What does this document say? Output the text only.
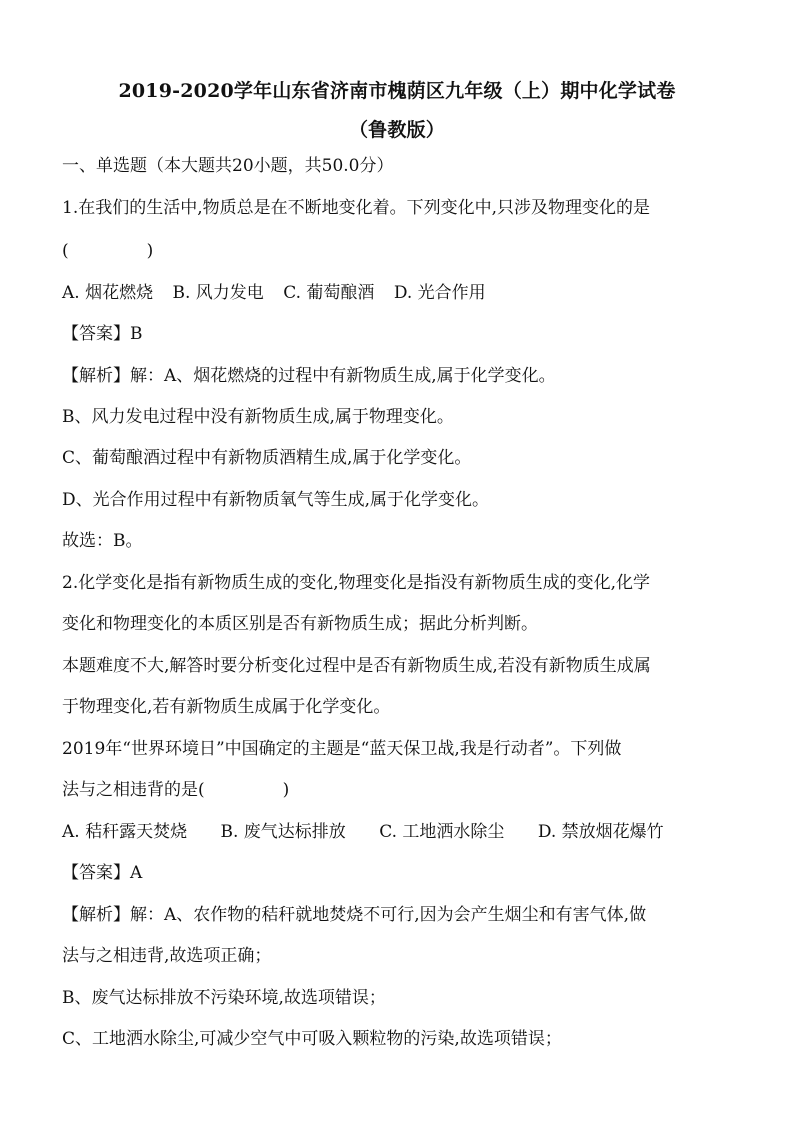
2019-2020学年山东省济南市槐荫区九年级（上）期中化学试卷
（鲁教版）
一、单选题（本大题共20小题，共50.0分）
1.在我们的生活中,物质总是在不断地变化着。下列变化中,只涉及物理变化的是
(	)
A. 烟花燃烧 B. 风力发电 C. 葡萄酿酒 D. 光合作用
【答案】B
【解析】解：A、烟花燃烧的过程中有新物质生成,属于化学变化。
B、风力发电过程中没有新物质生成,属于物理变化。
C、葡萄酿酒过程中有新物质酒精生成,属于化学变化。
D、光合作用过程中有新物质氧气等生成,属于化学变化。
故选：B。
2.化学变化是指有新物质生成的变化,物理变化是指没有新物质生成的变化,化学
变化和物理变化的本质区别是否有新物质生成；据此分析判断。
本题难度不大,解答时要分析变化过程中是否有新物质生成,若没有新物质生成属
于物理变化,若有新物质生成属于化学变化。
2019年“世界环境日”中国确定的主题是“蓝天保卫战,我是行动者”。下列做
法与之相违背的是(	)
A. 秸秆露天焚烧 B. 废气达标排放 C. 工地洒水除尘 D. 禁放烟花爆竹
【答案】A
【解析】解：A、农作物的秸秆就地焚烧不可行,因为会产生烟尘和有害气体,做
法与之相违背,故选项正确；
B、废气达标排放不污染环境,故选项错误；
C、工地洒水除尘,可减少空气中可吸入颗粒物的污染,故选项错误；
